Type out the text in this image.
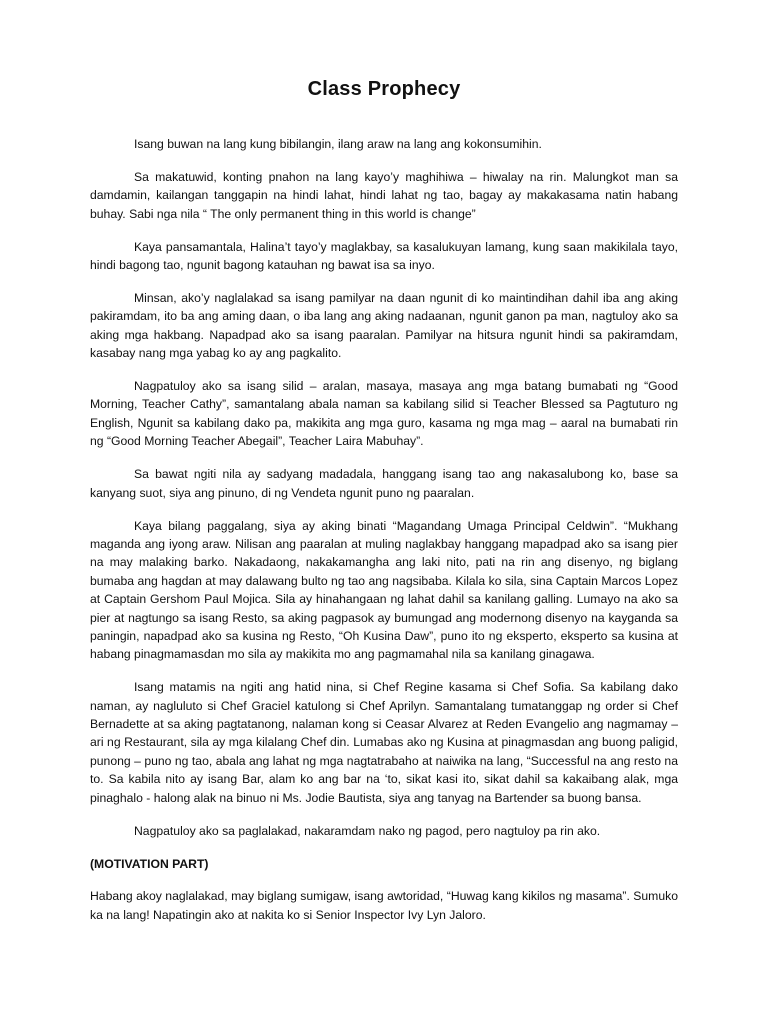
Class Prophecy

Isang buwan na lang kung bibilangin, ilang araw na lang ang kokonsumihin.

Sa makatuwid, konting pnahon na lang kayo’y maghihiwa – hiwalay na rin. Malungkot man sa damdamin, kailangan tanggapin na hindi lahat, hindi lahat ng tao, bagay ay makakasama natin habang buhay. Sabi nga nila “ The only permanent thing in this world is change”

Kaya pansamantala, Halina’t tayo’y maglakbay, sa kasalukuyan lamang, kung saan makikilala tayo, hindi bagong tao, ngunit bagong katauhan ng bawat isa sa inyo.

Minsan, ako’y naglalakad sa isang pamilyar na daan ngunit di ko maintindihan dahil iba ang aking pakiramdam, ito ba ang aming daan, o iba lang ang aking nadaanan, ngunit ganon pa man, nagtuloy ako sa aking mga hakbang. Napadpad ako sa isang paaralan. Pamilyar na hitsura ngunit hindi sa pakiramdam, kasabay nang mga yabag ko ay ang pagkalito.

Nagpatuloy ako sa isang silid – aralan, masaya, masaya ang mga batang bumabati ng “Good Morning, Teacher Cathy”, samantalang abala naman sa kabilang silid si Teacher Blessed sa Pagtuturo ng English, Ngunit sa kabilang dako pa, makikita ang mga guro, kasama ng mga mag – aaral na bumabati rin ng “Good Morning Teacher Abegail”, Teacher Laira Mabuhay”.

Sa bawat ngiti nila ay sadyang madadala, hanggang isang tao ang nakasalubong ko, base sa kanyang suot, siya ang pinuno, di ng Vendeta ngunit puno ng paaralan.

Kaya bilang paggalang, siya ay aking binati “Magandang Umaga Principal Celdwin”. “Mukhang maganda ang iyong araw. Nilisan ang paaralan at muling naglakbay hanggang mapadpad ako sa isang pier na may malaking barko. Nakadaong, nakakamangha ang laki nito, pati na rin ang disenyo, ng biglang bumaba ang hagdan at may dalawang bulto ng tao ang nagsibaba. Kilala ko sila, sina Captain Marcos Lopez at Captain Gershom Paul Mojica. Sila ay hinahangaan ng lahat dahil sa kanilang galling. Lumayo na ako sa pier at nagtungo sa isang Resto, sa aking pagpasok ay bumungad ang modernong disenyo na kayganda sa paningin, napadpad ako sa kusina ng Resto, “Oh Kusina Daw”, puno ito ng eksperto, eksperto sa kusina at habang pinagmamasdan mo sila ay makikita mo ang pagmamahal nila sa kanilang ginagawa.

Isang matamis na ngiti ang hatid nina, si Chef Regine kasama si Chef Sofia. Sa kabilang dako naman, ay nagluluto si Chef Graciel katulong si Chef Aprilyn. Samantalang tumatanggap ng order si Chef Bernadette at sa aking pagtatanong, nalaman kong si Ceasar Alvarez at Reden Evangelio ang nagmamay – ari ng Restaurant, sila ay mga kilalang Chef din. Lumabas ako ng Kusina at pinagmasdan ang buong paligid, punong – puno ng tao, abala ang lahat ng mga nagtatrabaho at naiwika na lang, “Successful na ang resto na to. Sa kabila nito ay isang Bar, alam ko ang bar na ‘to, sikat kasi ito, sikat dahil sa kakaibang alak, mga pinaghalo - halong alak na binuo ni Ms. Jodie Bautista, siya ang tanyag na Bartender sa buong bansa.

Nagpatuloy ako sa paglalakad, nakaramdam nako ng pagod, pero nagtuloy pa rin ako.

(MOTIVATION PART)

Habang akoy naglalakad, may biglang sumigaw, isang awtoridad, “Huwag kang kikilos ng masama”. Sumuko ka na lang! Napatingin ako at nakita ko si Senior Inspector Ivy Lyn Jaloro.
